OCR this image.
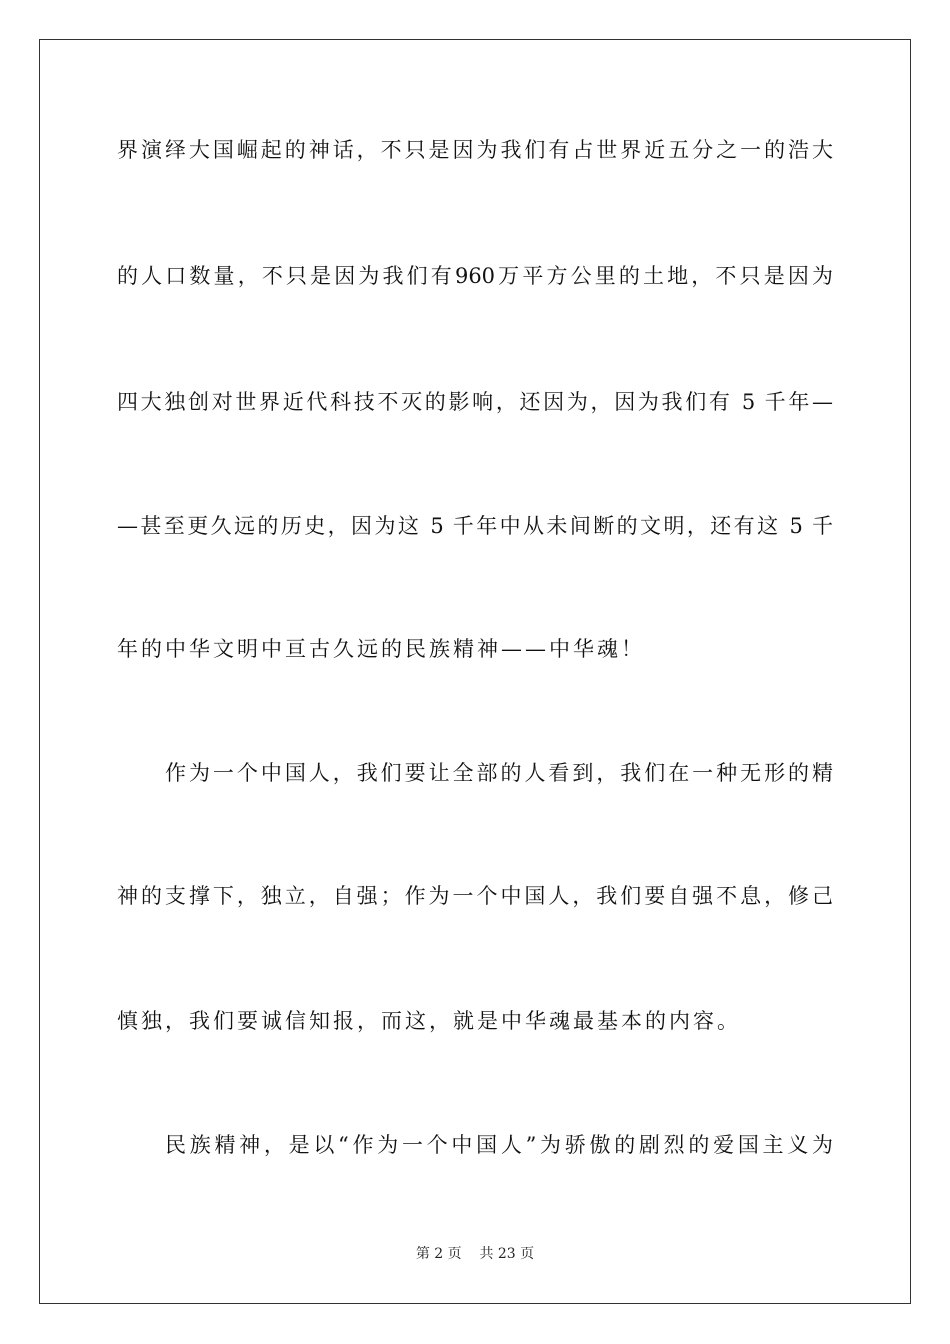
界演绎大国崛起的神话，不只是因为我们有占世界近五分之一的浩大
的人口数量，不只是因为我们有960万平方公里的土地，不只是因为
四大独创对世界近代科技不灭的影响，还因为，因为我们有 5 千年—
—甚至更久远的历史，因为这 5 千年中从未间断的文明，还有这 5 千
年的中华文明中亘古久远的民族精神——中华魂！
作为一个中国人，我们要让全部的人看到，我们在一种无形的精
神的支撑下，独立，自强；作为一个中国人，我们要自强不息，修己
慎独，我们要诚信知报，而这，就是中华魂最基本的内容。
民族精神，是以“作为一个中国人”为骄傲的剧烈的爱国主义为
第 2 页 共 23 页
